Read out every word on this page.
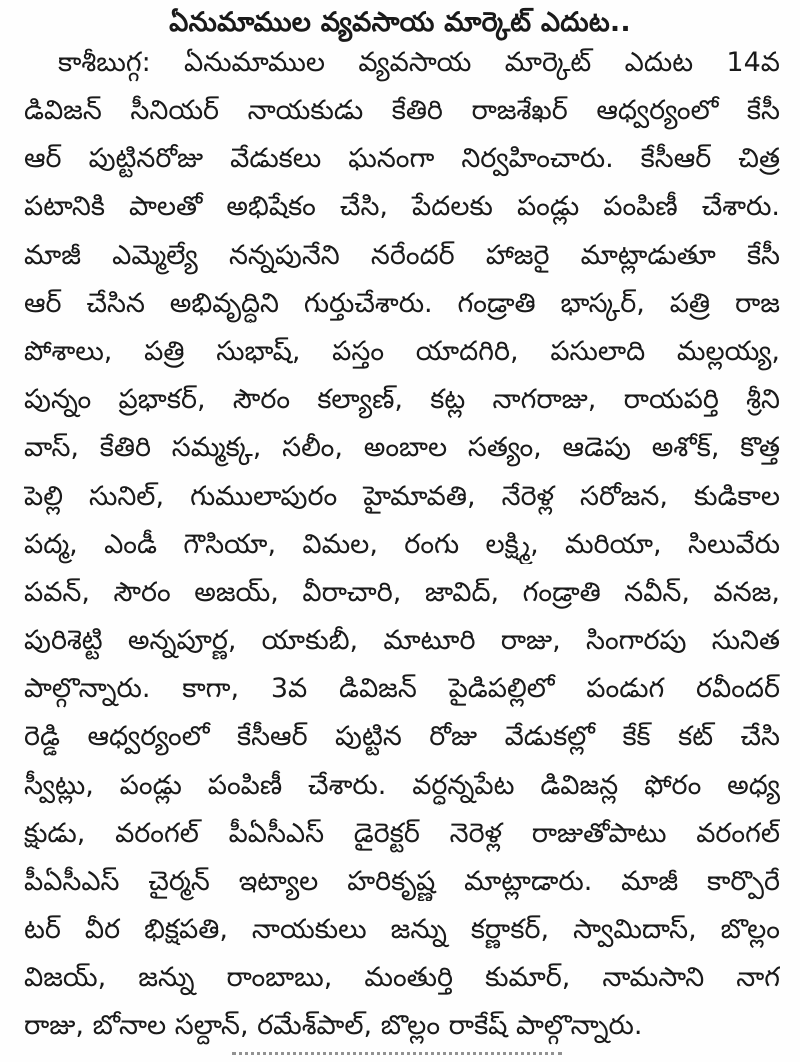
ఏనుమాముల వ్యవసాయ మార్కెట్ ఎదుట..
కాశీబుగ్గ: ఏనుమాముల వ్యవసాయ మార్కెట్ ఎదుట 14వ
డివిజన్ సీనియర్ నాయకుడు కేతిరి రాజశేఖర్ ఆధ్వర్యంలో కేసీ
ఆర్ పుట్టినరోజు వేడుకలు ఘనంగా నిర్వహించారు. కేసీఆర్ చిత్ర
పటానికి పాలతో అభిషేకం చేసి, పేదలకు పండ్లు పంపిణీ చేశారు.
మాజీ ఎమ్మెల్యే నన్నపునేని నరేందర్ హాజరై మాట్లాడుతూ కేసీ
ఆర్ చేసిన అభివృద్ధిని గుర్తుచేశారు. గండ్రాతి భాస్కర్, పత్రి రాజ
పోశాలు, పత్రి సుభాష్, పస్తం యాదగిరి, పసులాది మల్లయ్య,
పున్నం ప్రభాకర్, సౌరం కల్యాణ్, కట్ల నాగరాజు, రాయపర్తి శ్రీని
వాస్, కేతిరి సమ్మక్క, సలీం, అంబాల సత్యం, ఆడెపు అశోక్, కొత్త
పెల్లి సునిల్, గుములాపురం హైమావతి, నేరెళ్ల సరోజన, కుడికాల
పద్మ, ఎండీ గౌసియా, విమల, రంగు లక్ష్మి, మరియా, సిలువేరు
పవన్, సౌరం అజయ్, వీరాచారి, జావిద్, గండ్రాతి నవీన్, వనజ,
పురిశెట్టి అన్నపూర్ణ, యాకుబీ, మాటూరి రాజు, సింగారపు సునిత
పాల్గొన్నారు. కాగా, 3వ డివిజన్ పైడిపల్లిలో పండుగ రవీందర్
రెడ్డి ఆధ్వర్యంలో కేసీఆర్ పుట్టిన రోజు వేడుకల్లో కేక్ కట్ చేసి
స్వీట్లు, పండ్లు పంపిణీ చేశారు. వర్ధన్నపేట డివిజన్ల ఫోరం అధ్య
క్షుడు, వరంగల్ పీఏసీఎస్ డైరెక్టర్ నెరెళ్ల రాజుతోపాటు వరంగల్
పీఏసీఎస్ చైర్మన్ ఇట్యాల హరికృష్ణ మాట్లాడారు. మాజీ కార్పొరే
టర్ వీర భిక్షపతి, నాయకులు జన్ను కర్ణాకర్, స్వామిదాస్, బొల్లం
విజయ్, జన్ను రాంబాబు, మంతుర్తి కుమార్, నామసాని నాగ
రాజు, బోనాల సల్దాన్, రమేశ్‌పాల్, బొల్లం రాకేష్ పాల్గొన్నారు.
